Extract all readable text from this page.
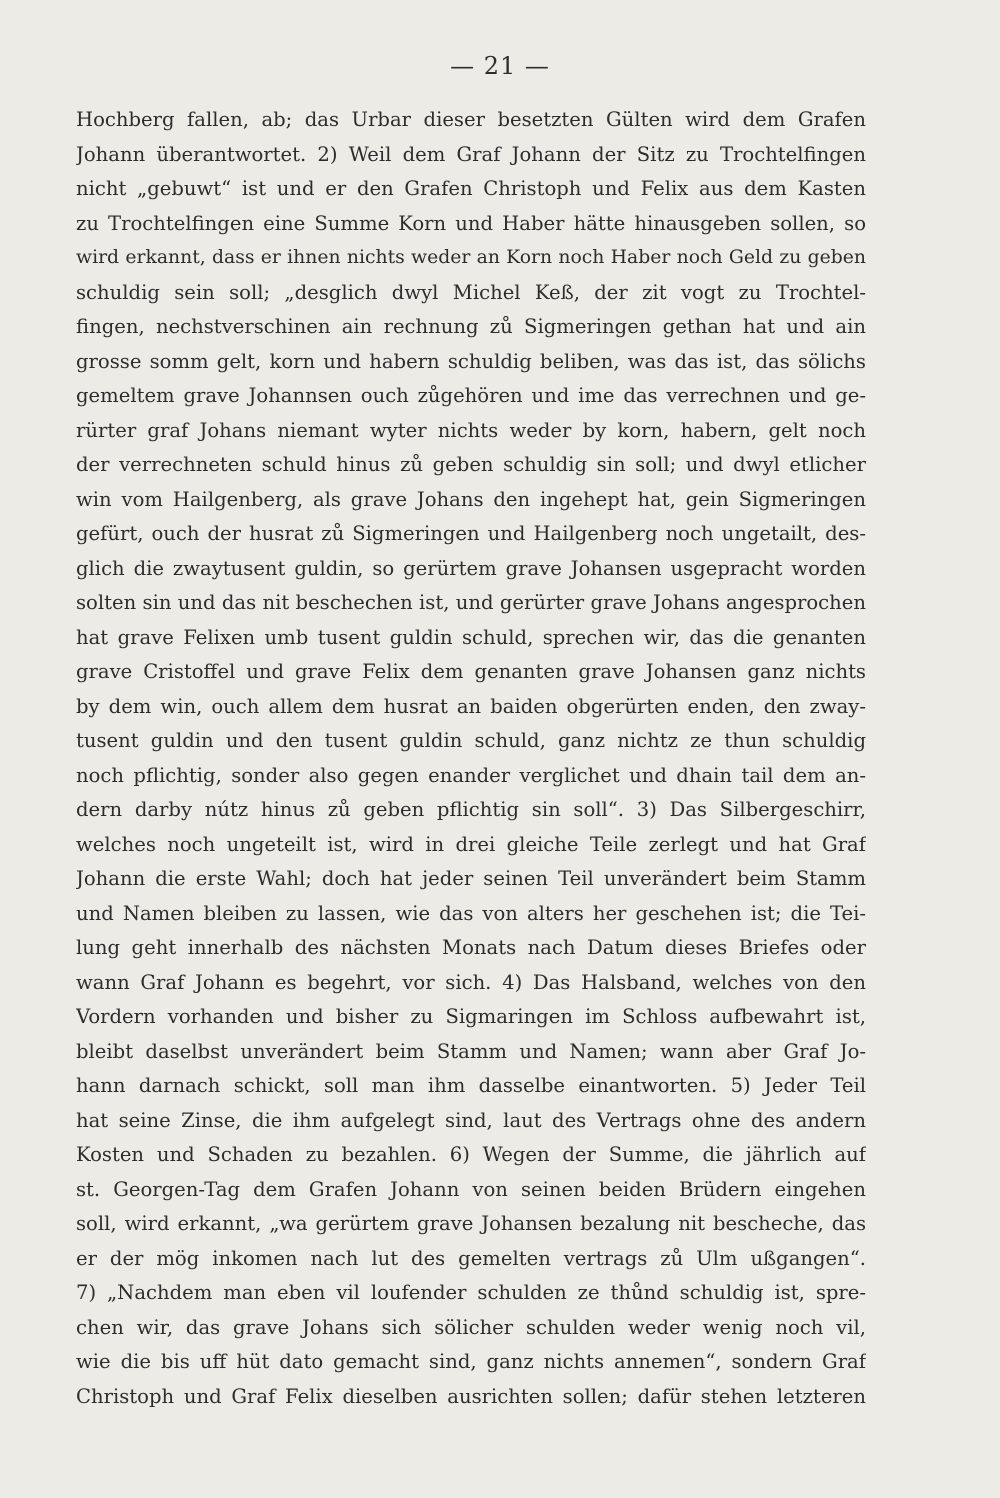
— 21 —
Hochberg fallen, ab; das Urbar dieser besetzten Gülten wird dem Grafen
Johann überantwortet. 2) Weil dem Graf Johann der Sitz zu Trochtelfingen
nicht „gebuwt“ ist und er den Grafen Christoph und Felix aus dem Kasten
zu Trochtelfingen eine Summe Korn und Haber hätte hinausgeben sollen, so
wird erkannt, dass er ihnen nichts weder an Korn noch Haber noch Geld zu geben
schuldig sein soll; „desglich dwyl Michel Keß, der zit vogt zu Trochtel-
fingen, nechstverschinen ain rechnung zů Sigmeringen gethan hat und ain
grosse somm gelt, korn und habern schuldig beliben, was das ist, das sölichs
gemeltem grave Johannsen ouch zůgehören und ime das verrechnen und ge-
rürter graf Johans niemant wyter nichts weder by korn, habern, gelt noch
der verrechneten schuld hinus zů geben schuldig sin soll; und dwyl etlicher
win vom Hailgenberg, als grave Johans den ingehept hat, gein Sigmeringen
gefürt, ouch der husrat zů Sigmeringen und Hailgenberg noch ungetailt, des-
glich die zwaytusent guldin, so gerürtem grave Johansen usgepracht worden
solten sin und das nit beschechen ist, und gerürter grave Johans angesprochen
hat grave Felixen umb tusent guldin schuld, sprechen wir, das die genanten
grave Cristoffel und grave Felix dem genanten grave Johansen ganz nichts
by dem win, ouch allem dem husrat an baiden obgerürten enden, den zway-
tusent guldin und den tusent guldin schuld, ganz nichtz ze thun schuldig
noch pflichtig, sonder also gegen enander verglichet und dhain tail dem an-
dern darby nútz hinus zů geben pflichtig sin soll“. 3) Das Silbergeschirr,
welches noch ungeteilt ist, wird in drei gleiche Teile zerlegt und hat Graf
Johann die erste Wahl; doch hat jeder seinen Teil unverändert beim Stamm
und Namen bleiben zu lassen, wie das von alters her geschehen ist; die Tei-
lung geht innerhalb des nächsten Monats nach Datum dieses Briefes oder
wann Graf Johann es begehrt, vor sich. 4) Das Halsband, welches von den
Vordern vorhanden und bisher zu Sigmaringen im Schloss aufbewahrt ist,
bleibt daselbst unverändert beim Stamm und Namen; wann aber Graf Jo-
hann darnach schickt, soll man ihm dasselbe einantworten. 5) Jeder Teil
hat seine Zinse, die ihm aufgelegt sind, laut des Vertrags ohne des andern
Kosten und Schaden zu bezahlen. 6) Wegen der Summe, die jährlich auf
st. Georgen-Tag dem Grafen Johann von seinen beiden Brüdern eingehen
soll, wird erkannt, „wa gerürtem grave Johansen bezalung nit bescheche, das
er der mög inkomen nach lut des gemelten vertrags zů Ulm ußgangen“.
7) „Nachdem man eben vil loufender schulden ze thůnd schuldig ist, spre-
chen wir, das grave Johans sich sölicher schulden weder wenig noch vil,
wie die bis uff hüt dato gemacht sind, ganz nichts annemen“, sondern Graf
Christoph und Graf Felix dieselben ausrichten sollen; dafür stehen letzteren
